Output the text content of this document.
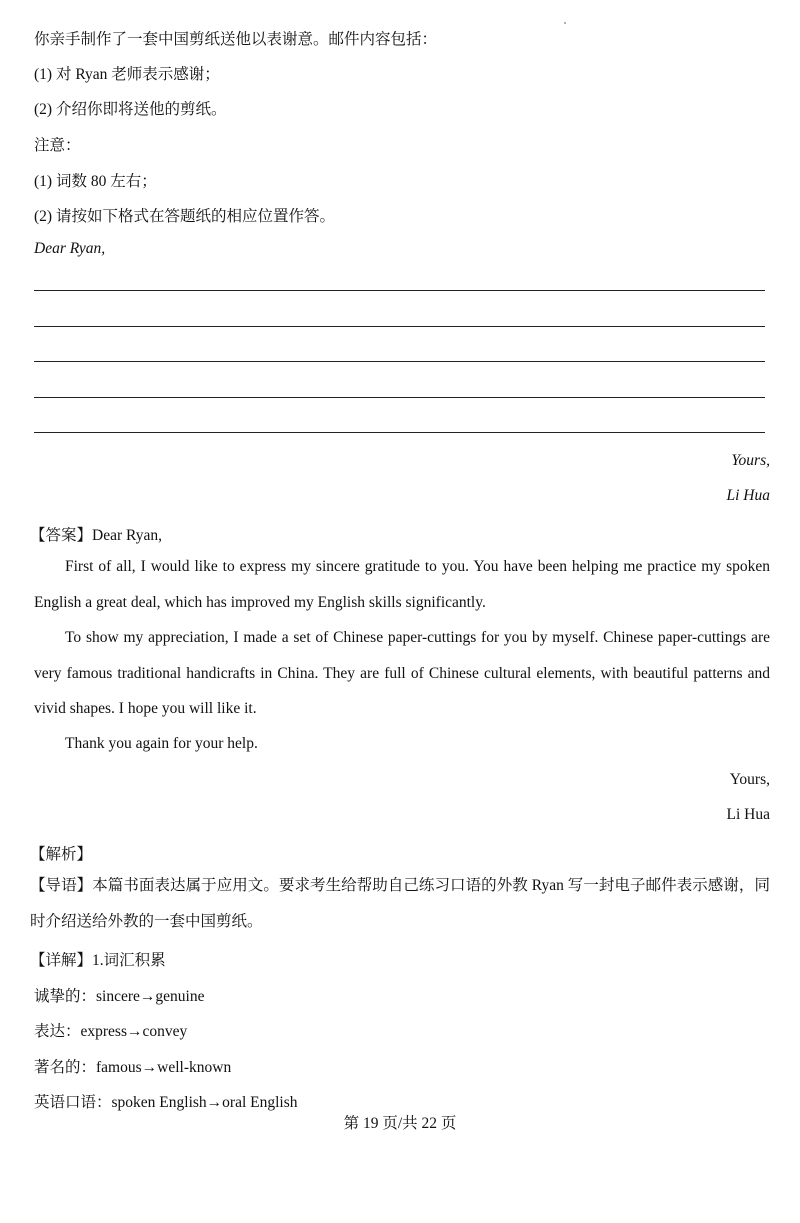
你亲手制作了一套中国剪纸送他以表谢意。邮件内容包括：
(1) 对 Ryan 老师表示感谢；
(2) 介绍你即将送他的剪纸。
注意：
(1) 词数 80 左右；
(2) 请按如下格式在答题纸的相应位置作答。
Dear Ryan,
Yours,
Li Hua
【答案】Dear Ryan,
First of all, I would like to express my sincere gratitude to you. You have been helping me practice my spoken English a great deal, which has improved my English skills significantly.
To show my appreciation, I made a set of Chinese paper-cuttings for you by myself. Chinese paper-cuttings are very famous traditional handicrafts in China. They are full of Chinese cultural elements, with beautiful patterns and vivid shapes. I hope you will like it.
Thank you again for your help.
Yours,
Li Hua
【解析】
【导语】本篇书面表达属于应用文。要求考生给帮助自己练习口语的外教 Ryan 写一封电子邮件表示感谢，同时介绍送给外教的一套中国剪纸。
【详解】1.词汇积累
诚挚的：sincere→genuine
表达：express→convey
著名的：famous→well-known
英语口语：spoken English→oral English
第 19 页/共 22 页
